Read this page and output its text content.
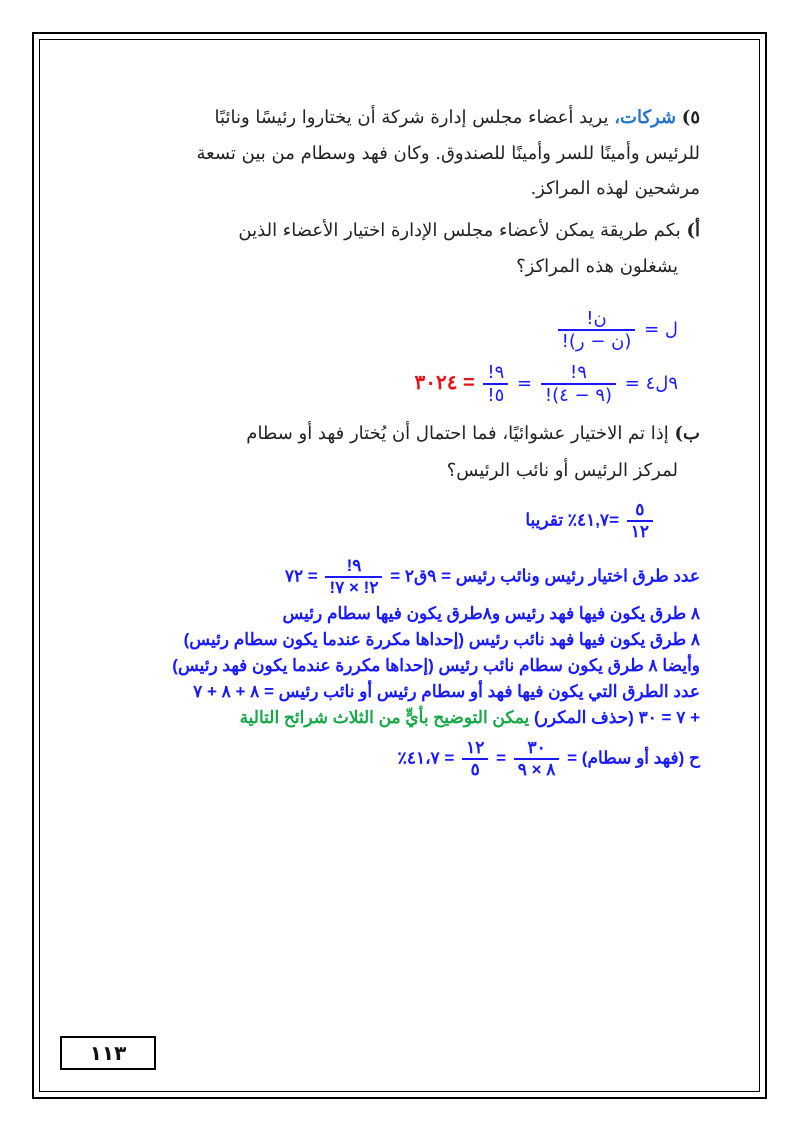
٥) شركات، يريد أعضاء مجلس إدارة شركة أن يختاروا رئيسًا ونائبًا
للرئيس وأمينًا للسر وأمينًا للصندوق. وكان فهد وسطام من بين تسعة
مرشحين لهذه المراكز.
أ) بكم طريقة يمكن لأعضاء مجلس الإدارة اختيار الأعضاء الذين
يشغلون هذه المراكز؟
ل =
$\frac{\text{ن!}}{\text{(ن − ر)!}}$
٩ل٤ =
$\frac{٩!}{(٩ - ٤)!}$
=
$\frac{٩!}{٥!}$
= ٣٠٢٤
ب) إذا تم الاختيار عشوائيًا، فما احتمال أن يُختار فهد أو سطام
لمركز الرئيس أو نائب الرئيس؟
$\frac{٥}{١٢}$
=٤١,٧٪ تقريبا
عدد طرق اختيار رئيس ونائب رئيس = ٩ق٢ =
$\frac{٩!}{٢! \times ٧!}$
= ٧٢
٨ طرق يكون فيها فهد رئيس و٨طرق يكون فيها سطام رئيس
٨ طرق يكون فيها فهد نائب رئيس (إحداها مكررة عندما يكون سطام رئيس)
وأيضا ٨ طرق يكون سطام نائب رئيس (إحداها مكررة عندما يكون فهد رئيس)
عدد الطرق التي يكون فيها فهد أو سطام رئيس أو نائب رئيس = ٨ + ٨ + ٧
+ ٧ = ٣٠ (حذف المكرر) يمكن التوضيح بأيٍّ من الثلاث شرائح التالية
ح (فهد أو سطام) =
$\frac{٣٠}{٨ \times ٩}$
=
$\frac{١٢}{٥}$
= ٤١،٧٪
١١٣
